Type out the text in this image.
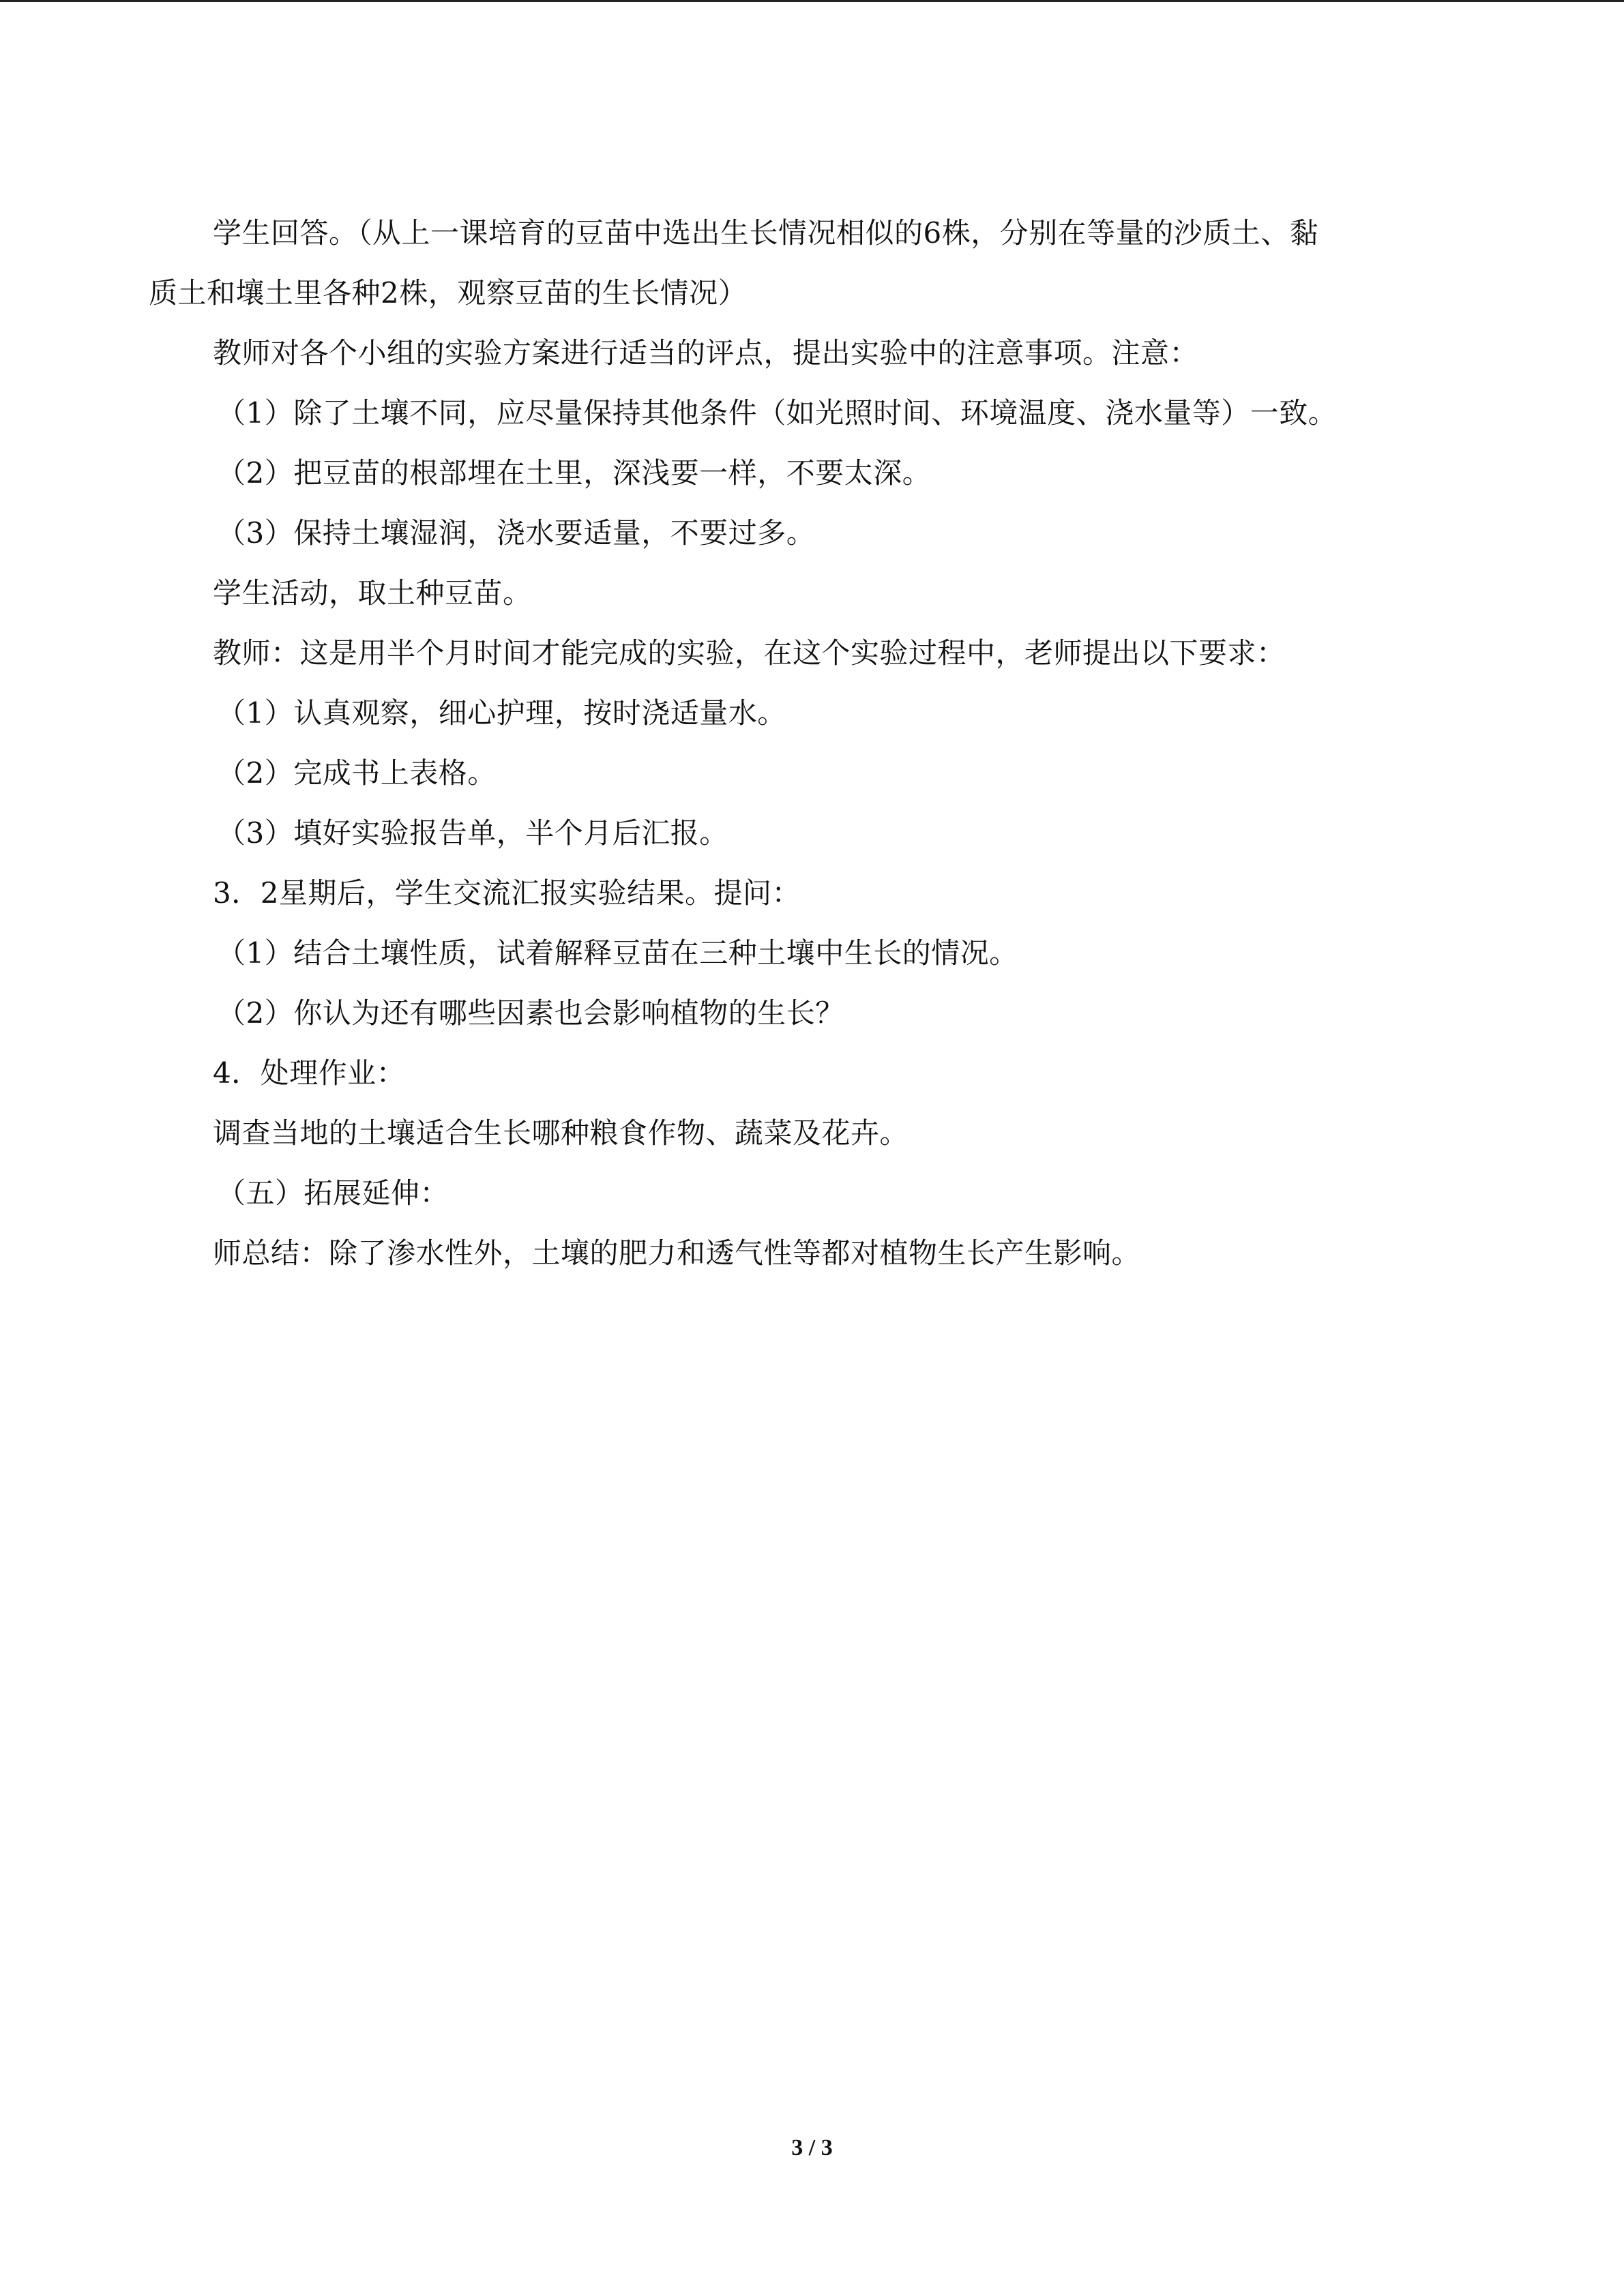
学生回答。（从上一课培育的豆苗中选出生长情况相似的6株，分别在等量的沙质土、黏
质土和壤土里各种2株，观察豆苗的生长情况）
教师对各个小组的实验方案进行适当的评点，提出实验中的注意事项。注意：
（1）除了土壤不同，应尽量保持其他条件（如光照时间、环境温度、浇水量等）一致。
（2）把豆苗的根部埋在土里，深浅要一样，不要太深。
（3）保持土壤湿润，浇水要适量，不要过多。
学生活动，取土种豆苗。
教师：这是用半个月时间才能完成的实验，在这个实验过程中，老师提出以下要求：
（1）认真观察，细心护理，按时浇适量水。
（2）完成书上表格。
（3）填好实验报告单，半个月后汇报。
3．2星期后，学生交流汇报实验结果。提问：
（1）结合土壤性质，试着解释豆苗在三种土壤中生长的情况。
（2）你认为还有哪些因素也会影响植物的生长？
4．处理作业：
调查当地的土壤适合生长哪种粮食作物、蔬菜及花卉。
（五）拓展延伸：
师总结：除了渗水性外，土壤的肥力和透气性等都对植物生长产生影响。
3 / 3
